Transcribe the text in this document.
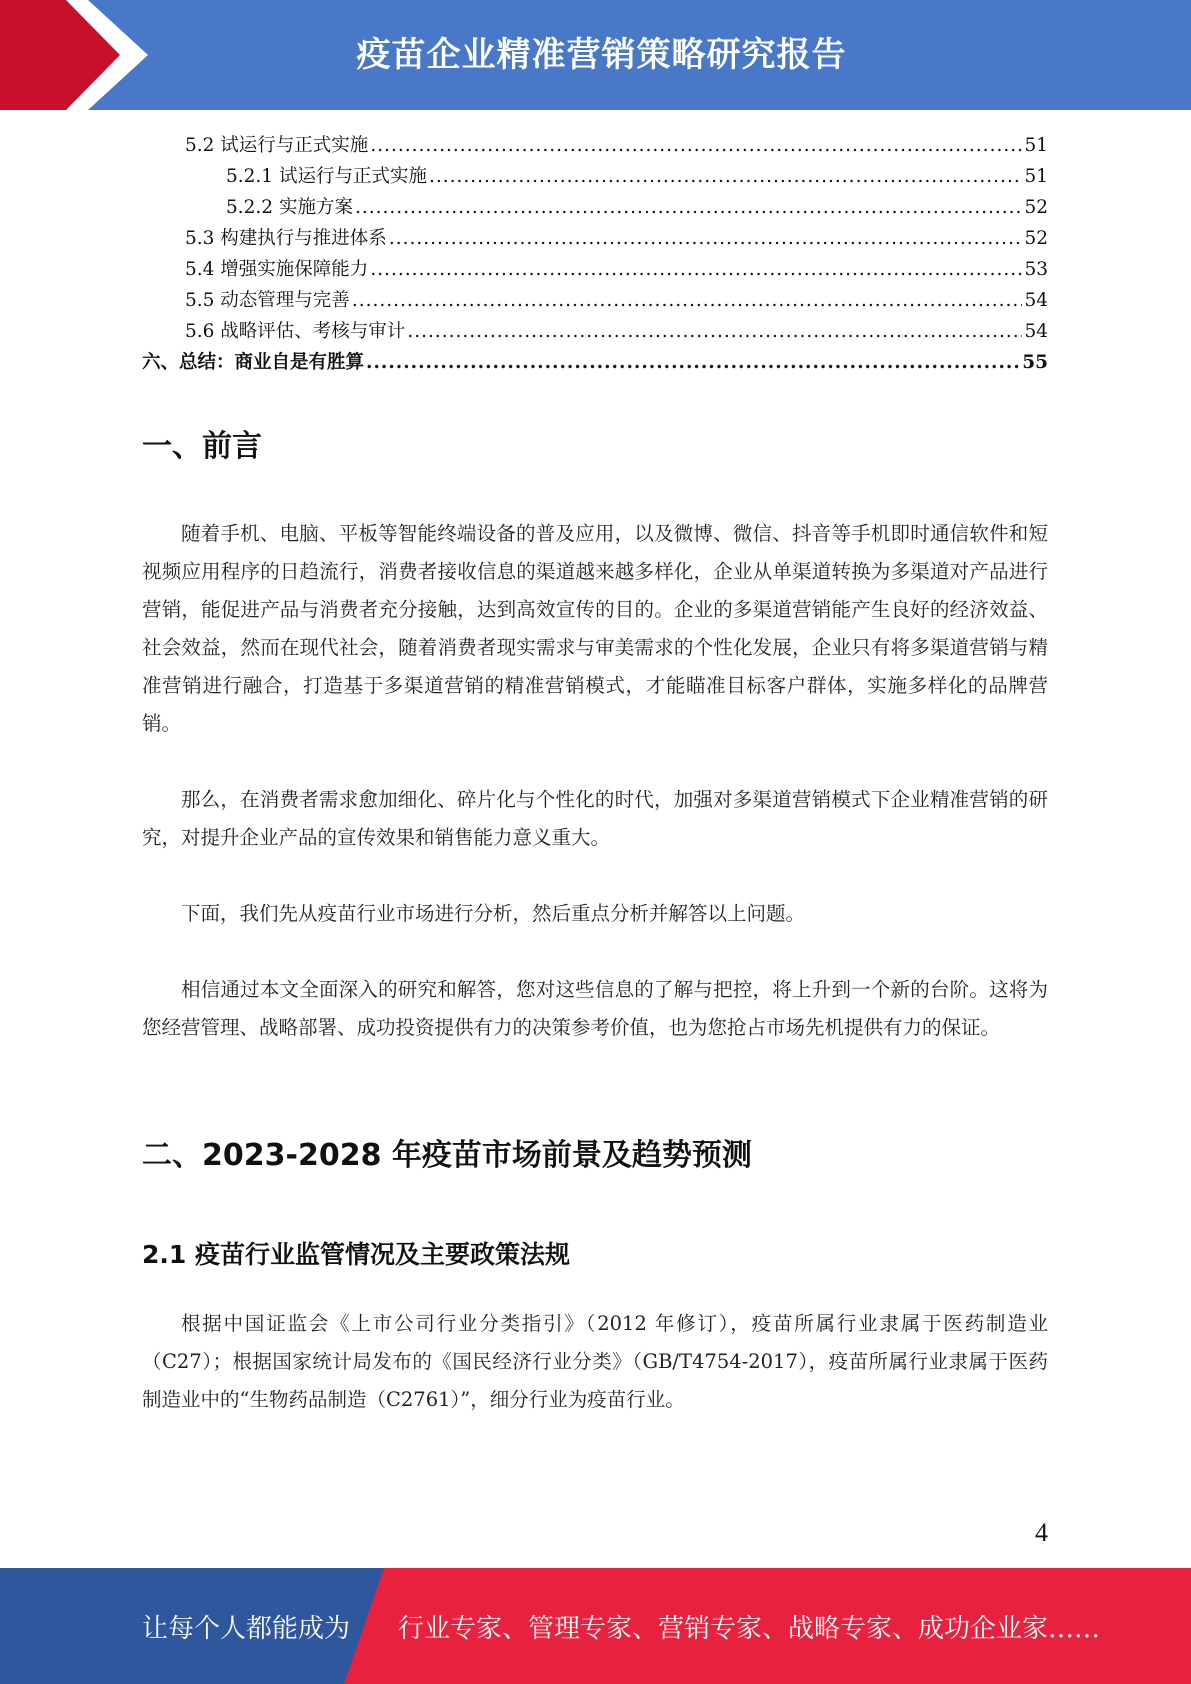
疫苗企业精准营销策略研究报告
5.2 试运行与正式实施 .....	51
5.2.1 试运行与正式实施 .....	51
5.2.2 实施方案 .....	52
5.3 构建执行与推进体系 .....	52
5.4 增强实施保障能力 .....	53
5.5 动态管理与完善 .....	54
5.6 战略评估、考核与审计 .....	54
六、总结：商业自是有胜算 .....	55
一、前言

随着手机、电脑、平板等智能终端设备的普及应用，以及微博、微信、抖音等手机即时通信软件和短视频应用程序的日趋流行，消费者接收信息的渠道越来越多样化，企业从单渠道转换为多渠道对产品进行营销，能促进产品与消费者充分接触，达到高效宣传的目的。企业的多渠道营销能产生良好的经济效益、社会效益，然而在现代社会，随着消费者现实需求与审美需求的个性化发展，企业只有将多渠道营销与精准营销进行融合，打造基于多渠道营销的精准营销模式，才能瞄准目标客户群体，实施多样化的品牌营销。

那么，在消费者需求愈加细化、碎片化与个性化的时代，加强对多渠道营销模式下企业精准营销的研究，对提升企业产品的宣传效果和销售能力意义重大。

下面，我们先从疫苗行业市场进行分析，然后重点分析并解答以上问题。

相信通过本文全面深入的研究和解答，您对这些信息的了解与把控，将上升到一个新的台阶。这将为您经营管理、战略部署、成功投资提供有力的决策参考价值，也为您抢占市场先机提供有力的保证。

二、2023-2028 年疫苗市场前景及趋势预测
2.1 疫苗行业监管情况及主要政策法规

根据中国证监会《上市公司行业分类指引》（2012 年修订），疫苗所属行业隶属于医药制造业（C27）；根据国家统计局发布的《国民经济行业分类》（GB/T4754-2017），疫苗所属行业隶属于医药制造业中的“生物药品制造（C2761）”，细分行业为疫苗行业。

4
让每个人都能成为 行业专家、管理专家、营销专家、战略专家、成功企业家……
